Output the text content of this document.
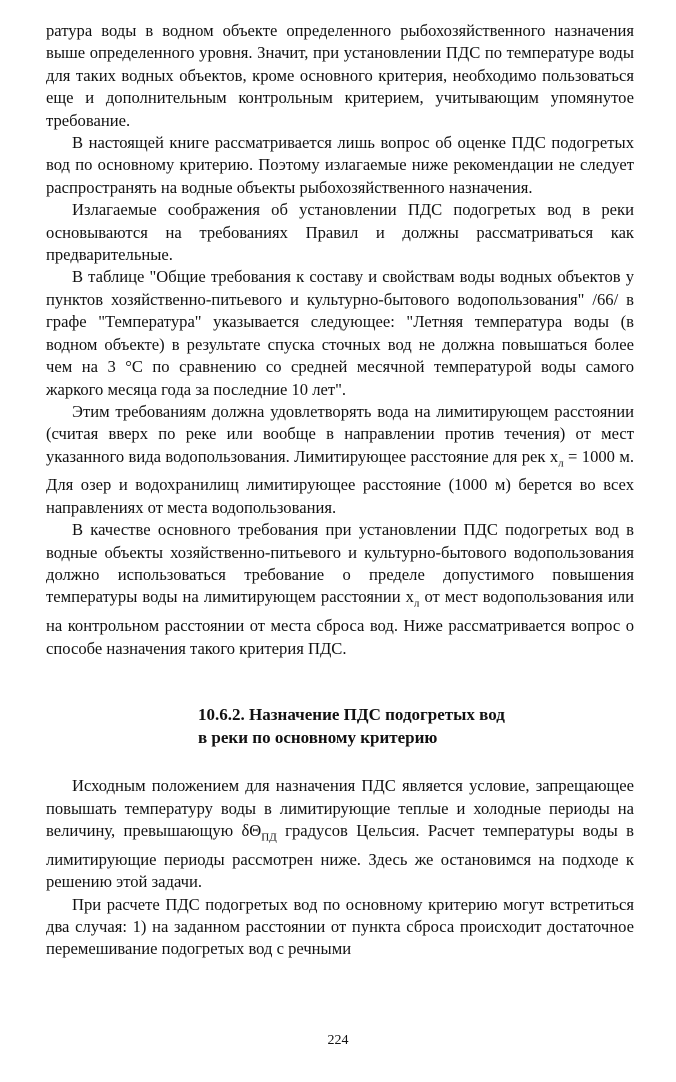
ратура воды в водном объекте определенного рыбохозяйственного назначения выше определенного уровня. Значит, при установлении ПДС по температуре воды для таких водных объектов, кроме основного критерия, необходимо пользоваться еще и дополнительным контрольным критерием, учитывающим упомянутое требование.

В настоящей книге рассматривается лишь вопрос об оценке ПДС подогретых вод по основному критерию. Поэтому излагаемые ниже рекомендации не следует распространять на водные объекты рыбохозяйственного назначения.

Излагаемые соображения об установлении ПДС подогретых вод в реки основываются на требованиях Правил и должны рассматриваться как предварительные.

В таблице "Общие требования к составу и свойствам воды водных объектов у пунктов хозяйственно-питьевого и культурно-бытового водопользования" /66/ в графе "Температура" указывается следующее: "Летняя температура воды (в водном объекте) в результате спуска сточных вод не должна повышаться более чем на 3 °С по сравнению со средней месячной температурой воды самого жаркого месяца года за последние 10 лет".

Этим требованиям должна удовлетворять вода на лимитирующем расстоянии (считая вверх по реке или вообще в направлении против течения) от мест указанного вида водопользования. Лимитирующее расстояние для рек $x_л = 1000$ м. Для озер и водохранилищ лимитирующее расстояние (1000 м) берется во всех направлениях от места водопользования.

В качестве основного требования при установлении ПДС подогретых вод в водные объекты хозяйственно-питьевого и культурно-бытового водопользования должно использоваться требование о пределе допустимого повышения температуры воды на лимитирующем расстоянии $x_л$ от мест водопользования или на контрольном расстоянии от места сброса вод. Ниже рассматривается вопрос о способе назначения такого критерия ПДС.

10.6.2. Назначение ПДС подогретых вод
в реки по основному критерию

Исходным положением для назначения ПДС является условие, запрещающее повышать температуру воды в лимитирующие теплые и холодные периоды на величину, превышающую $\delta\Theta_{ПД}$ градусов Цельсия. Расчет температуры воды в лимитирующие периоды рассмотрен ниже. Здесь же остановимся на подходе к решению этой задачи.

При расчете ПДС подогретых вод по основному критерию могут встретиться два случая: 1) на заданном расстоянии от пункта сброса происходит достаточное перемешивание подогретых вод с речными

224
